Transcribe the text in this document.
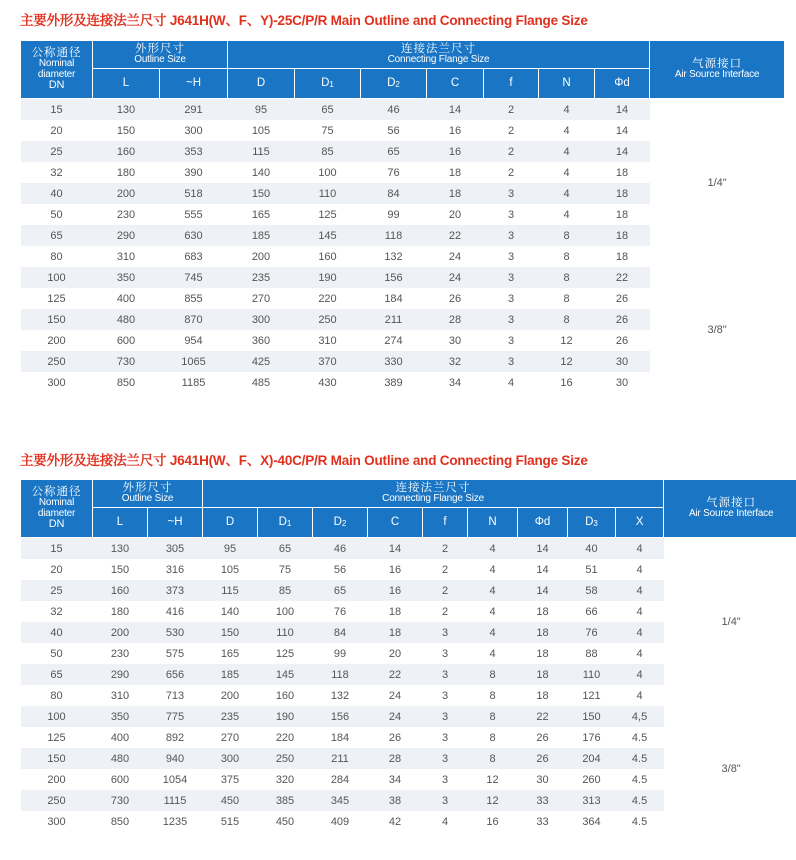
主要外形及连接法兰尺寸 J641H(W、F、Y)-25C/P/R Main Outline and Connecting Flange Size
公称通径
Nominal
diameter
DN	外形尺寸
Outline Size		连接法兰尺寸
Connecting Flange Size							气源接口
Air Source Interface

	L	~H	D	$D_1$	$D_2$	C	f	N	Φd	
15	130	291	95	65	46	14	2	4	14	1/4"
20	150	300	105	75	56	16	2	4	14	
25	160	353	115	85	65	16	2	4	14	
32	180	390	140	100	76	18	2	4	18	
40	200	518	150	110	84	18	3	4	18	
50	230	555	165	125	99	20	3	4	18	
65	290	630	185	145	118	22	3	8	18	
80	310	683	200	160	132	24	3	8	18	
100	350	745	235	190	156	24	3	8	22	3/8"
125	400	855	270	220	184	26	3	8	26	
150	480	870	300	250	211	28	3	8	26	
200	600	954	360	310	274	30	3	12	26	
250	730	1065	425	370	330	32	3	12	30	
300	850	1185	485	430	389	34	4	16	30	
主要外形及连接法兰尺寸 J641H(W、F、X)-40C/P/R Main Outline and Connecting Flange Size
公称通径
Nominal
diameter
DN	外形尺寸
Outline Size		连接法兰尺寸
Connecting Flange Size									气源接口
Air Source Interface

	L	~H	D	$D_1$	$D_2$	C	f	N	Φd	$D_3$	X	
15	130	305	95	65	46	14	2	4	14	40	4	1/4"
20	150	316	105	75	56	16	2	4	14	51	4	
25	160	373	115	85	65	16	2	4	14	58	4	
32	180	416	140	100	76	18	2	4	18	66	4	
40	200	530	150	110	84	18	3	4	18	76	4	
50	230	575	165	125	99	20	3	4	18	88	4	
65	290	656	185	145	118	22	3	8	18	110	4	
80	310	713	200	160	132	24	3	8	18	121	4	
100	350	775	235	190	156	24	3	8	22	150	4,5	3/8"
125	400	892	270	220	184	26	3	8	26	176	4.5	
150	480	940	300	250	211	28	3	8	26	204	4.5	
200	600	1054	375	320	284	34	3	12	30	260	4.5	
250	730	1115	450	385	345	38	3	12	33	313	4.5	
300	850	1235	515	450	409	42	4	16	33	364	4.5	
